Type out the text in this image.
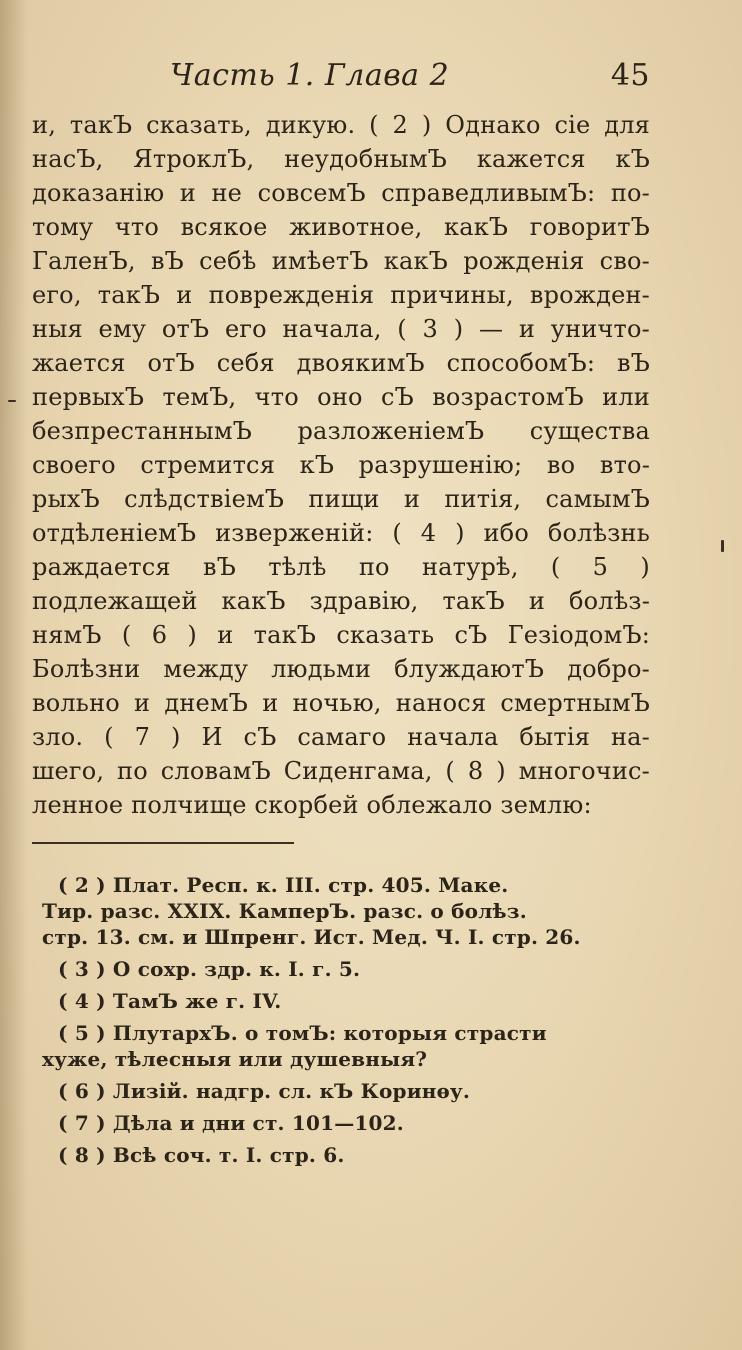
Часть 1. Глава 2	45
и, такЪ сказать, дикую. ( 2 ) Однако сіе для
насЪ, ЯтроклЪ, неудобнымЪ кажется кЪ
доказанію и не совсемЪ справедливымЪ: по-
тому что всякое животное, какЪ говоритЪ
ГаленЪ, вЪ себѣ имѣетЪ какЪ рожденія сво-
его, такЪ и поврежденія причины, врожден-
ныя ему отЪ его начала, ( 3 ) — и уничто-
жается отЪ себя двоякимЪ способомЪ: вЪ
первыхЪ темЪ, что оно сЪ возрастомЪ или
безпрестаннымЪ разложеніемЪ существа
своего стремится кЪ разрушенію; во вто-
рыхЪ слѣдствіемЪ пищи и питія, самымЪ
отдѣленіемЪ изверженій: ( 4 ) ибо болѣзнь
раждается вЪ тѣлѣ по натурѣ, ( 5 )
подлежащей какЪ здравію, такЪ и болѣз-
нямЪ ( 6 ) и такЪ сказать сЪ ГезіодомЪ:
Болѣзни между людьми блуждаютЪ добро-
вольно и днемЪ и ночью, нанося смертнымЪ
зло. ( 7 ) И сЪ самаго начала бытія на-
шего, по словамЪ Сиденгама, ( 8 ) многочис-
ленное полчище скорбей облежало землю:
( 2 ) Плат. Респ. к. III. стр. 405. Маке.
Тир. разс. XXIX. КамперЪ. разс. о болѣз.
стр. 13. см. и Шпренг. Ист. Мед. Ч. I. стр. 26.
( 3 ) О сохр. здр. к. I. г. 5.
( 4 ) ТамЪ же г. IV.
( 5 ) ПлутархЪ. о томЪ: которыя страсти
хуже, тѣлесныя или душевныя?
( 6 ) Лизій. надгр. сл. кЪ Коринѳу.
( 7 ) Дѣла и дни ст. 101—102.
( 8 ) Всѣ соч. т. I. стр. 6.
